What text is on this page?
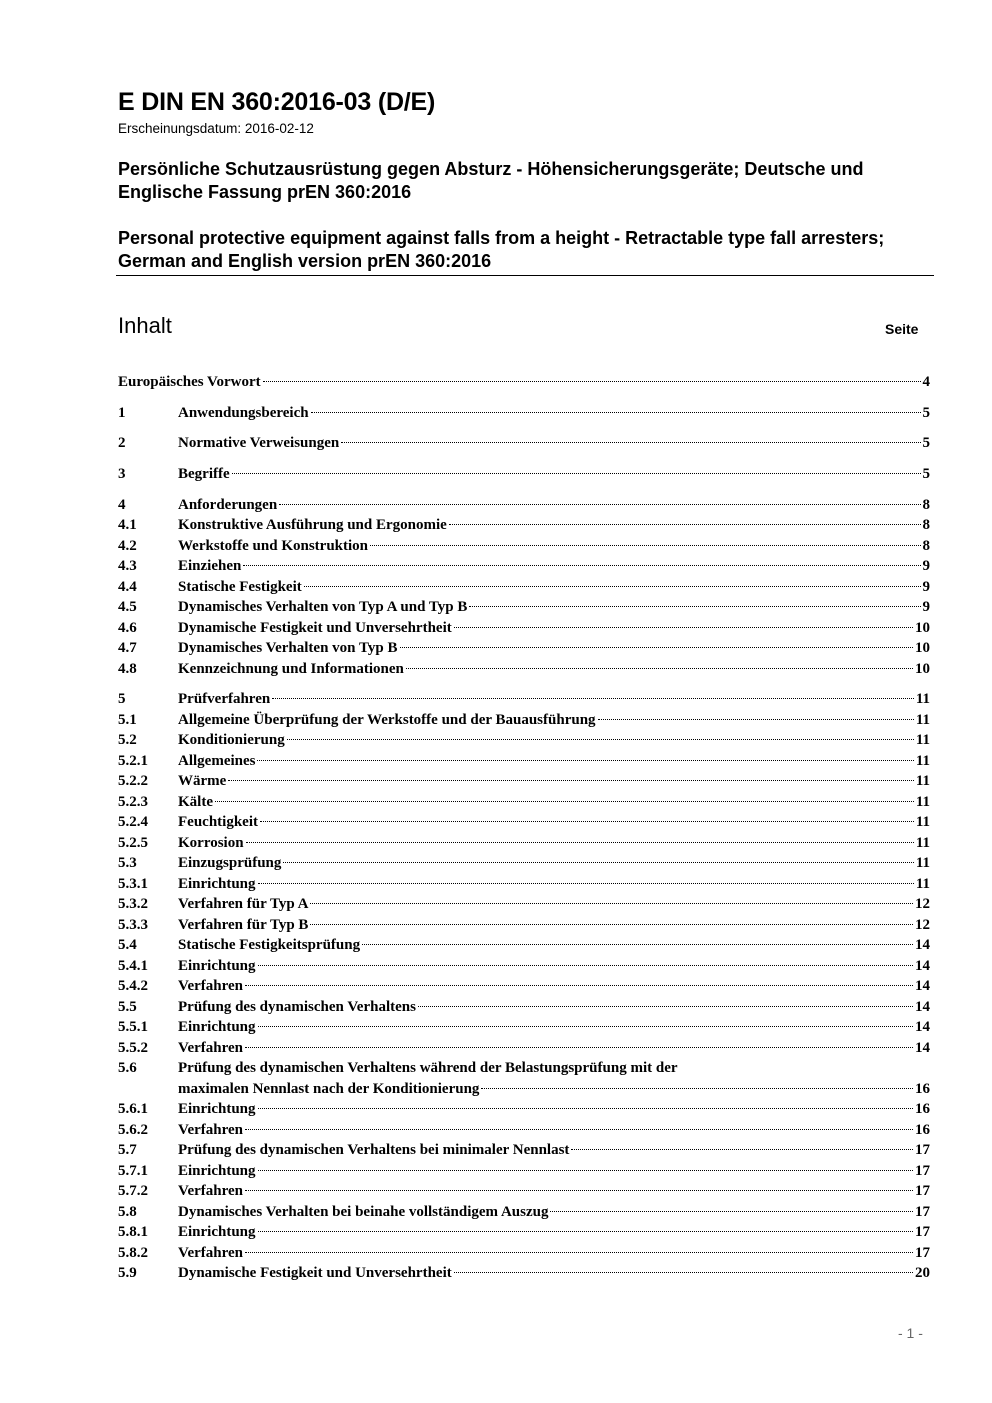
E DIN EN 360:2016-03 (D/E)
Erscheinungsdatum: 2016-02-12
Persönliche Schutzausrüstung gegen Absturz - Höhensicherungsgeräte; Deutsche und Englische Fassung prEN 360:2016
Personal protective equipment against falls from a height - Retractable type fall arresters; German and English version prEN 360:2016
Inhalt	Seite
Europäisches Vorwort	4
1	Anwendungsbereich	5
2	Normative Verweisungen	5
3	Begriffe	5
4	Anforderungen	8
4.1	Konstruktive Ausführung und Ergonomie	8
4.2	Werkstoffe und Konstruktion	8
4.3	Einziehen	9
4.4	Statische Festigkeit	9
4.5	Dynamisches Verhalten von Typ A und Typ B	9
4.6	Dynamische Festigkeit und Unversehrtheit	10
4.7	Dynamisches Verhalten von Typ B	10
4.8	Kennzeichnung und Informationen	10
5	Prüfverfahren	11
5.1	Allgemeine Überprüfung der Werkstoffe und der Bauausführung	11
5.2	Konditionierung	11
5.2.1	Allgemeines	11
5.2.2	Wärme	11
5.2.3	Kälte	11
5.2.4	Feuchtigkeit	11
5.2.5	Korrosion	11
5.3	Einzugsprüfung	11
5.3.1	Einrichtung	11
5.3.2	Verfahren für Typ A	12
5.3.3	Verfahren für Typ B	12
5.4	Statische Festigkeitsprüfung	14
5.4.1	Einrichtung	14
5.4.2	Verfahren	14
5.5	Prüfung des dynamischen Verhaltens	14
5.5.1	Einrichtung	14
5.5.2	Verfahren	14
5.6	Prüfung des dynamischen Verhaltens während der Belastungsprüfung mit der
maximalen Nennlast nach der Konditionierung	16
5.6.1	Einrichtung	16
5.6.2	Verfahren	16
5.7	Prüfung des dynamischen Verhaltens bei minimaler Nennlast	17
5.7.1	Einrichtung	17
5.7.2	Verfahren	17
5.8	Dynamisches Verhalten bei beinahe vollständigem Auszug	17
5.8.1	Einrichtung	17
5.8.2	Verfahren	17
5.9	Dynamische Festigkeit und Unversehrtheit	20
- 1 -
